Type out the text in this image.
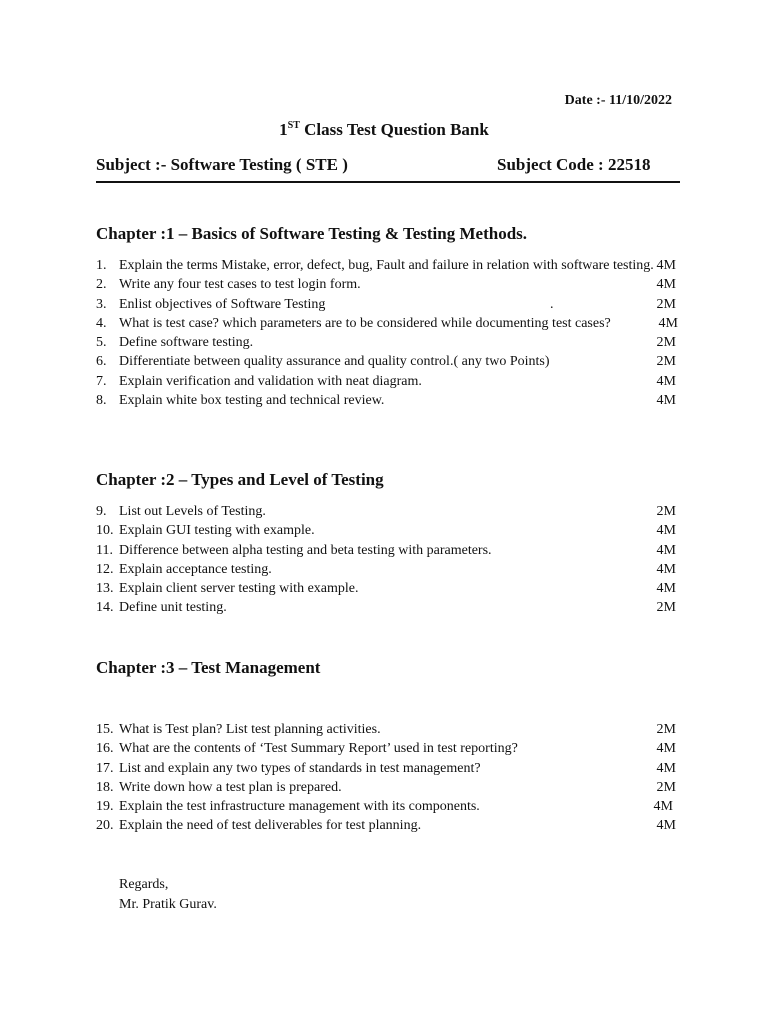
Date :- 11/10/2022
1ST Class Test Question Bank
Subject :- Software Testing ( STE )	Subject Code : 22518
Chapter :1 – Basics of Software Testing & Testing Methods.
1. Explain the terms Mistake, error, defect, bug, Fault and failure in relation with software testing. 4M
2. Write any four test cases to test login form.	4M
3. Enlist objectives of Software Testing	.	2M
4. What is test case? which parameters are to be considered while documenting test cases?	4M
5. Define software testing.	2M
6. Differentiate between quality assurance and quality control.( any two Points)	2M
7. Explain verification and validation with neat diagram.	4M
8. Explain white box testing and technical review.	4M
Chapter :2 – Types and Level of Testing
9. List out Levels of Testing.	2M
10. Explain GUI testing with example.	4M
11. Difference between alpha testing and beta testing with parameters.	4M
12. Explain acceptance testing.	4M
13. Explain client server testing with example.	4M
14. Define unit testing.	2M
Chapter :3 – Test Management
15. What is Test plan? List test planning activities.	2M
16. What are the contents of ‘Test Summary Report’ used in test reporting?	4M
17. List and explain any two types of standards in test management?	4M
18. Write down how a test plan is prepared.	2M
19. Explain the test infrastructure management with its components.	4M
20. Explain the need of test deliverables for test planning.	4M
Regards,
Mr. Pratik Gurav.
